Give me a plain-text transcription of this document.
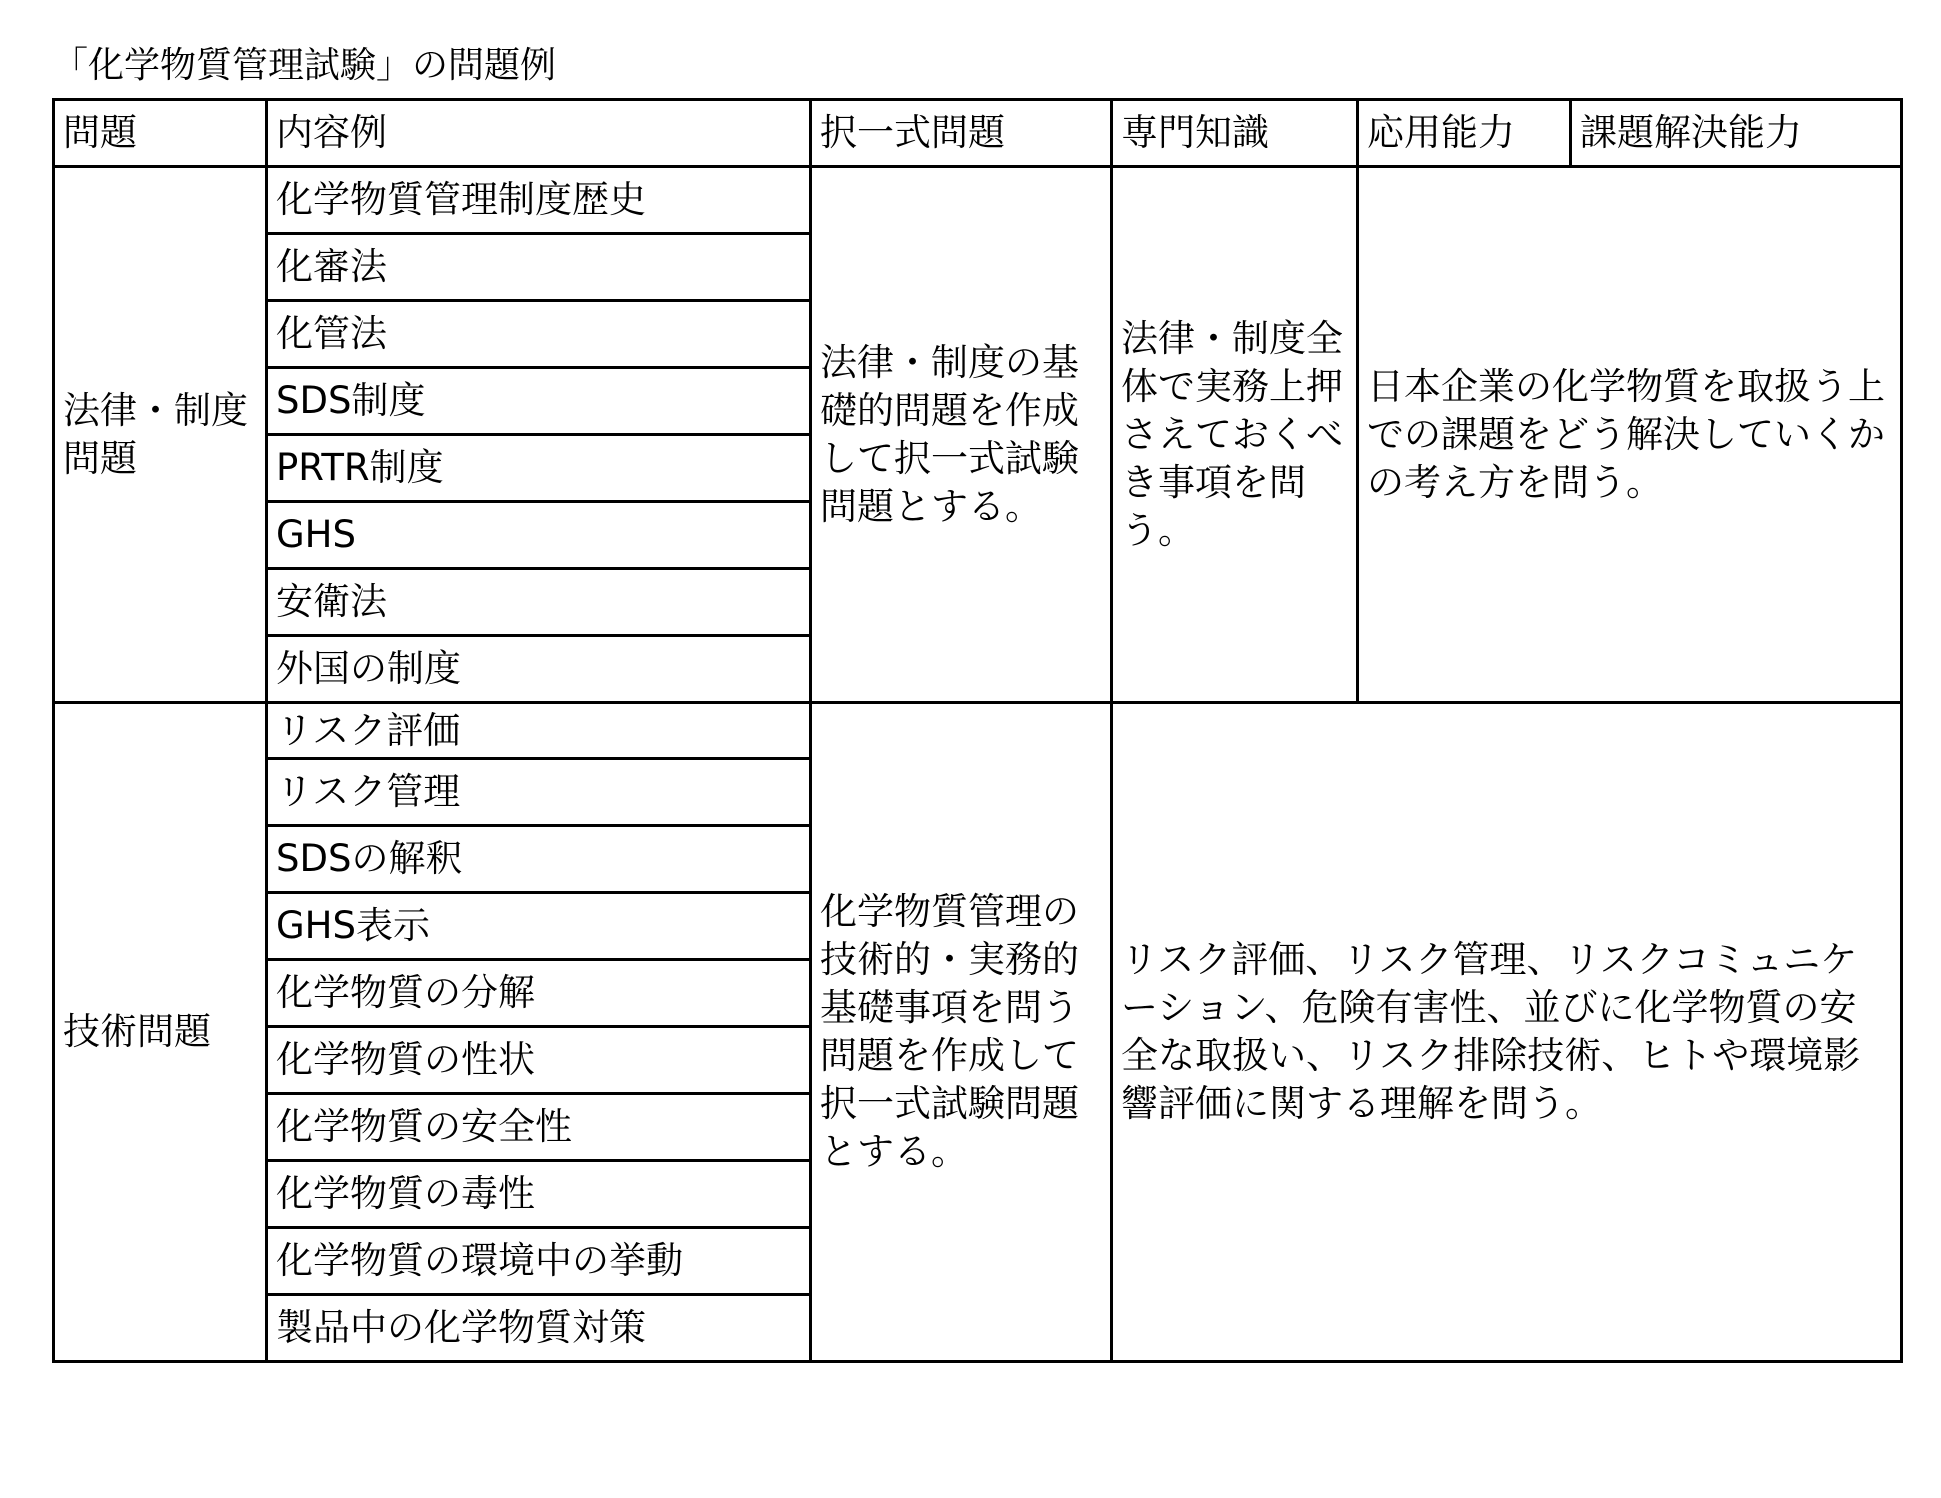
「化学物質管理試験」の問題例
問題	内容例	択一式問題	専門知識	応用能力	課題解決能力
法律・制度問題	化学物質管理制度歴史	法律・制度の基礎的問題を作成して択一式試験問題とする。	法律・制度全体で実務上押さえておくべき事項を問う。	日本企業の化学物質を取扱う上での課題をどう解決していくかの考え方を問う。	
	化審法				
	化管法				
	SDS制度				
	PRTR制度				
	GHS				
	安衛法				
	外国の制度				
技術問題	リスク評価	化学物質管理の技術的・実務的基礎事項を問う問題を作成して択一式試験問題とする。	リスク評価、リスク管理、リスクコミュニケーション、危険有害性、並びに化学物質の安全な取扱い、リスク排除技術、ヒトや環境影響評価に関する理解を問う。		
	リスク管理				
	SDSの解釈				
	GHS表示				
	化学物質の分解				
	化学物質の性状				
	化学物質の安全性				
	化学物質の毒性				
	化学物質の環境中の挙動				
	製品中の化学物質対策				
